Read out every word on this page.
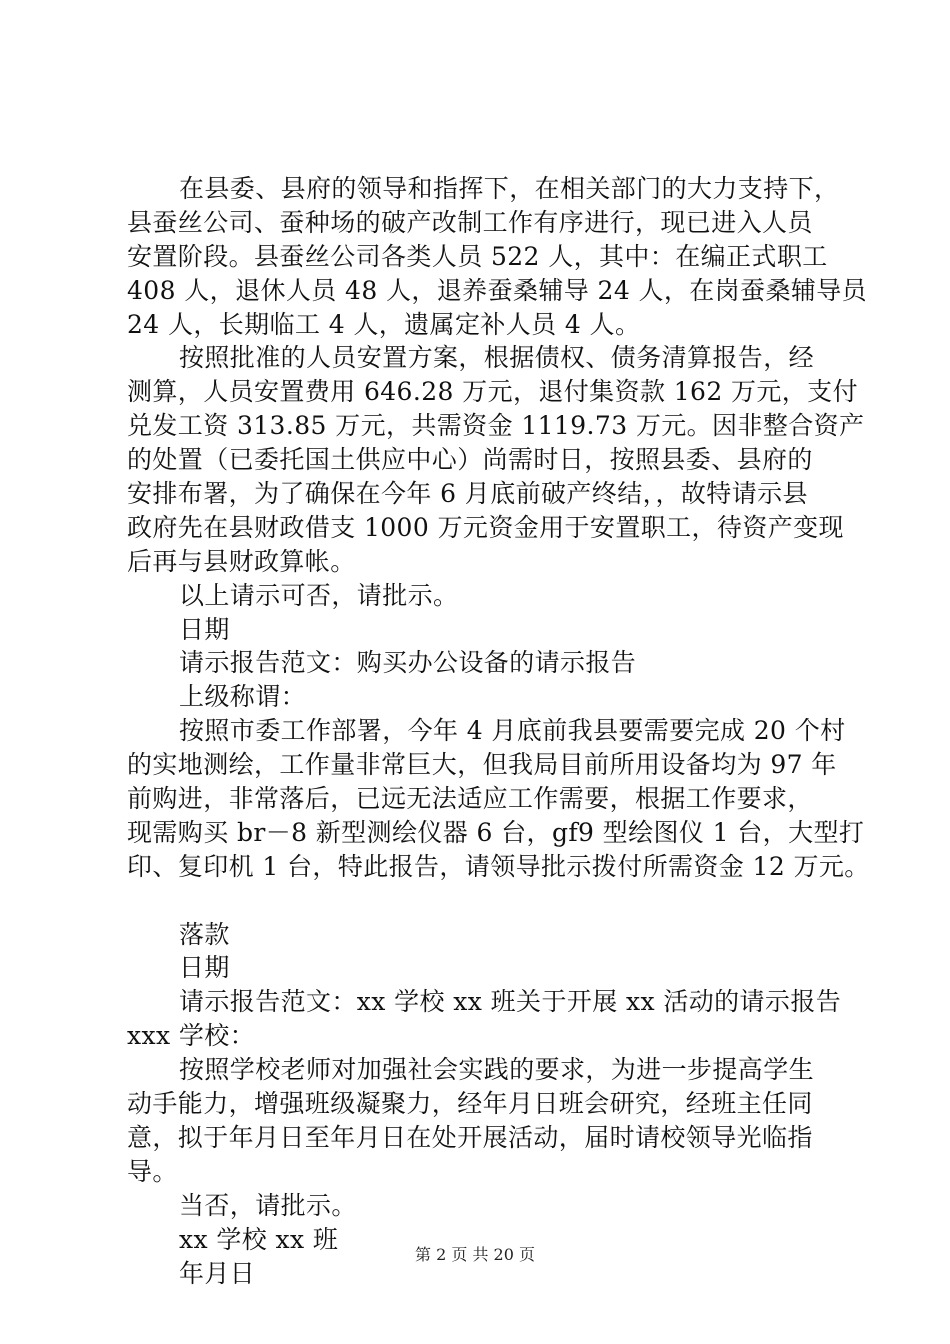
在县委、县府的领导和指挥下，在相关部门的大力支持下，
县蚕丝公司、蚕种场的破产改制工作有序进行，现已进入人员
安置阶段。县蚕丝公司各类人员 522 人，其中：在编正式职工
408 人，退休人员 48 人，退养蚕桑辅导 24 人，在岗蚕桑辅导员
24 人，长期临工 4 人，遗属定补人员 4 人。
按照批准的人员安置方案，根据债权、债务清算报告，经
测算，人员安置费用 646.28 万元，退付集资款 162 万元，支付
兑发工资 313.85 万元，共需资金 1119.73 万元。因非整合资产
的处置（已委托国土供应中心）尚需时日，按照县委、县府的
安排布署，为了确保在今年 6 月底前破产终结，，故特请示县
政府先在县财政借支 1000 万元资金用于安置职工，待资产变现
后再与县财政算帐。
以上请示可否，请批示。
日期
请示报告范文：购买办公设备的请示报告
上级称谓：
按照市委工作部署，今年 4 月底前我县要需要完成 20 个村
的实地测绘，工作量非常巨大，但我局目前所用设备均为 97 年
前购进，非常落后，已远无法适应工作需要，根据工作要求，
现需购买 br－8 新型测绘仪器 6 台，gf9 型绘图仪 1 台，大型打
印、复印机 1 台，特此报告，请领导批示拨付所需资金 12 万元。
落款
日期
请示报告范文：xx 学校 xx 班关于开展 xx 活动的请示报告
xxx 学校：
按照学校老师对加强社会实践的要求，为进一步提高学生
动手能力，增强班级凝聚力，经年月日班会研究，经班主任同
意，拟于年月日至年月日在处开展活动，届时请校领导光临指
导。
当否，请批示。
xx 学校 xx 班
年月日
第 2 页 共 20 页
